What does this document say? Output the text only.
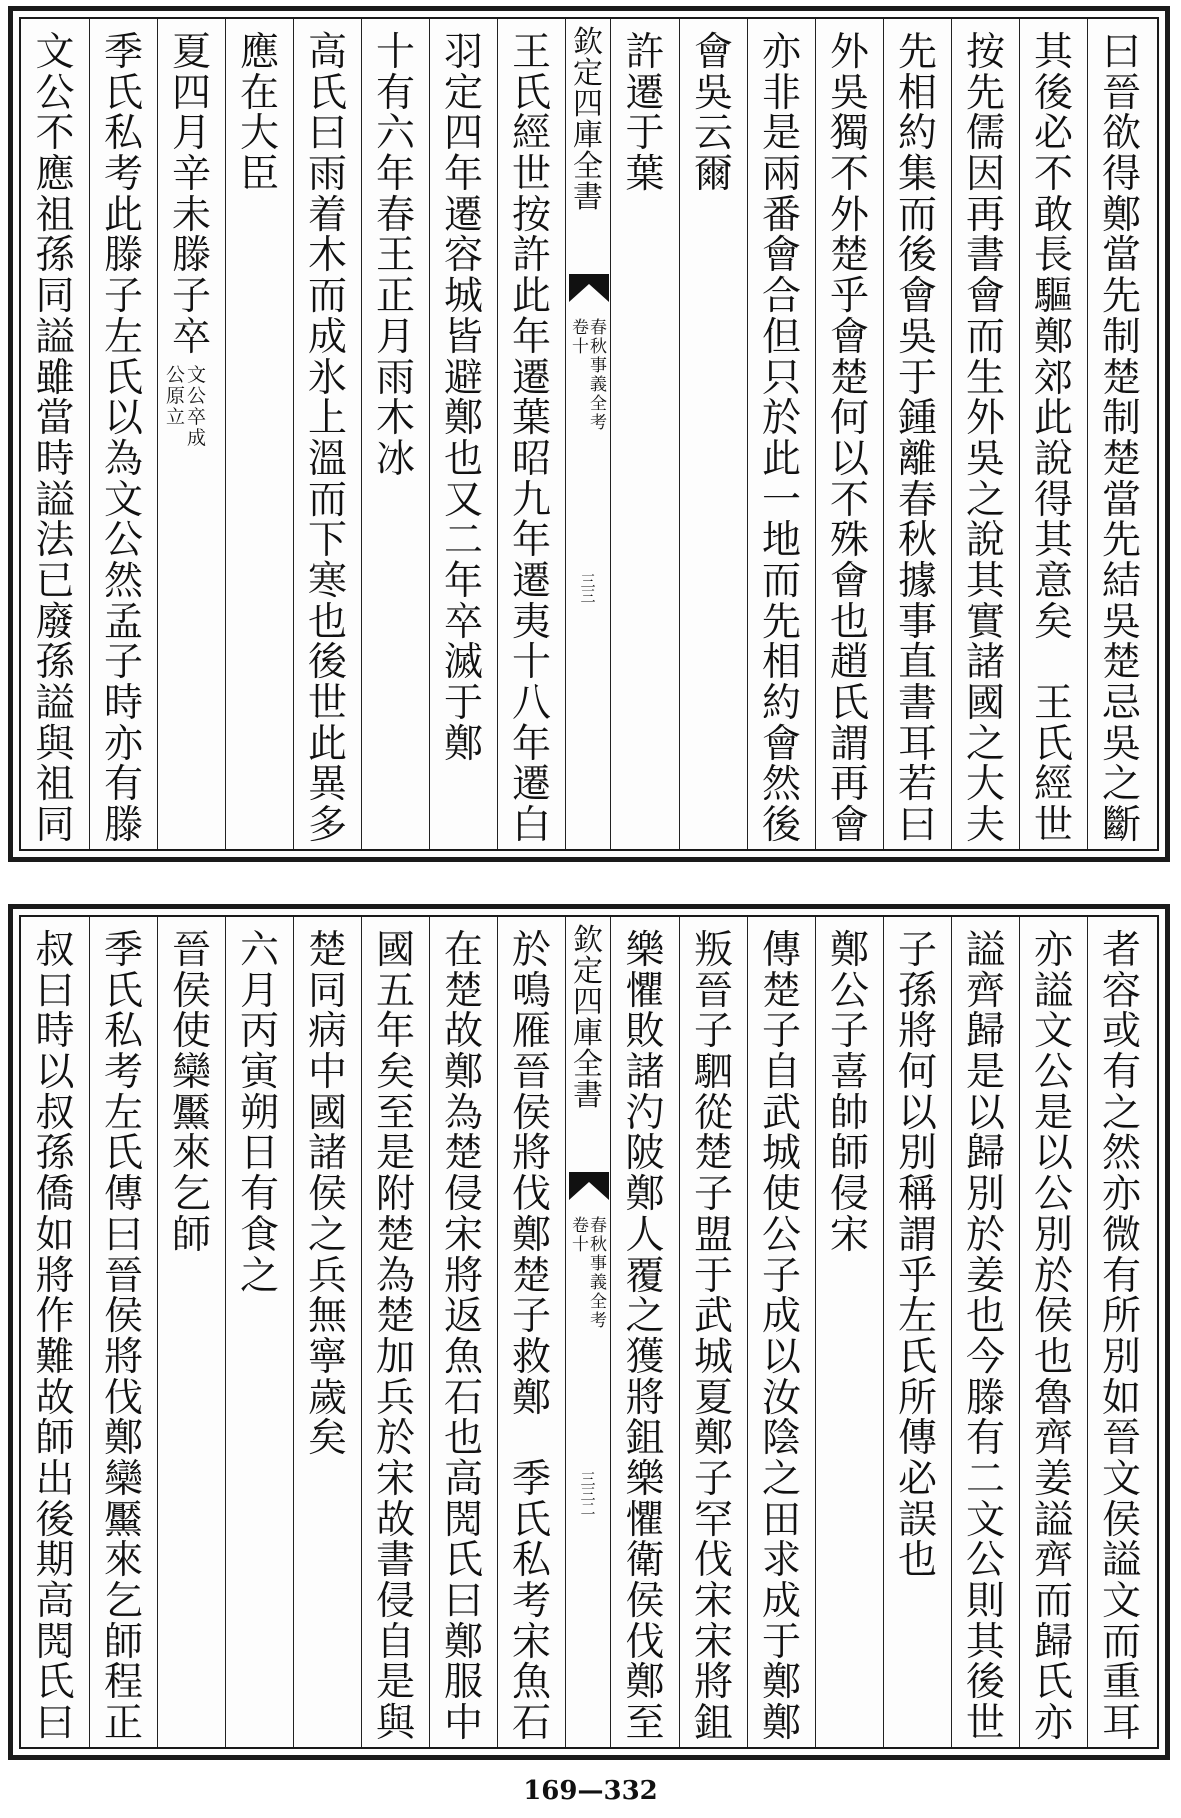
曰
晉
欲
得
鄭
當
先
制
楚
制
楚
當
先
結
吳
楚
忌
吳
之
斷
其
後
必
不
敢
長
驅
鄭
郊
此
說
得
其
意
矣

王
氏
經
世
按
先
儒
因
再
書
會
而
生
外
吳
之
說
其
實
諸
國
之
大
夫
先
相
約
集
而
後
會
吳
于
鍾
離
春
秋
據
事
直
書
耳
若
曰
外
吳
獨
不
外
楚
乎
會
楚
何
以
不
殊
會
也
趙
氏
謂
再
會
亦
非
是
兩
番
會
合
但
只
於
此
一
地
而
先
相
約
會
然
後
會
吳
云
爾
許
遷
于
葉
欽
定
四
庫
全
書
春
秋
事
義
全
考
卷
十
三
三
王
氏
經
世
按
許
此
年
遷
葉
昭
九
年
遷
夷
十
八
年
遷
白
羽
定
四
年
遷
容
城
皆
避
鄭
也
又
二
年
卒
滅
于
鄭
十
有
六
年
春
王
正
月
雨
木
冰
高
氏
曰
雨
着
木
而
成
氷
上
溫
而
下
寒
也
後
世
此
異
多
應
在
大
臣
夏
四
月
辛
未
滕
子
卒
文
公
卒
成
公
原
立
季
氏
私
考
此
滕
子
左
氏
以
為
文
公
然
孟
子
時
亦
有
滕
文
公
不
應
祖
孫
同
謚
雖
當
時
謚
法
已
廢
孫
謚
與
祖
同
者
容
或
有
之
然
亦
微
有
所
別
如
晉
文
侯
謚
文
而
重
耳
亦
謚
文
公
是
以
公
別
於
侯
也
魯
齊
姜
謚
齊
而
歸
氏
亦
謚
齊
歸
是
以
歸
別
於
姜
也
今
滕
有
二
文
公
則
其
後
世
子
孫
將
何
以
別
稱
謂
乎
左
氏
所
傳
必
誤
也
鄭
公
子
喜
帥
師
侵
宋
傳
楚
子
自
武
城
使
公
子
成
以
汝
陰
之
田
求
成
于
鄭
鄭
叛
晉
子
駟
從
楚
子
盟
于
武
城
夏
鄭
子
罕
伐
宋
宋
將
鉏
樂
懼
敗
諸
汋
陂
鄭
人
覆
之
獲
將
鉏
樂
懼
衛
侯
伐
鄭
至
欽
定
四
庫
全
書
春
秋
事
義
全
考
卷
十
三
三
二
於
鳴
雁
晉
侯
將
伐
鄭
楚
子
救
鄭

季
氏
私
考
宋
魚
石
在
楚
故
鄭
為
楚
侵
宋
將
返
魚
石
也
高
閌
氏
曰
鄭
服
中
國
五
年
矣
至
是
附
楚
為
楚
加
兵
於
宋
故
書
侵
自
是
與
楚
同
病
中
國
諸
侯
之
兵
無
寧
歲
矣
六
月
丙
寅
朔
日
有
食
之
晉
侯
使
欒
黶
來
乞
師
季
氏
私
考
左
氏
傳
曰
晉
侯
將
伐
鄭
欒
黶
來
乞
師
程
正
叔
曰
時
以
叔
孫
僑
如
將
作
難
故
師
出
後
期
高
閌
氏
曰
169—332
